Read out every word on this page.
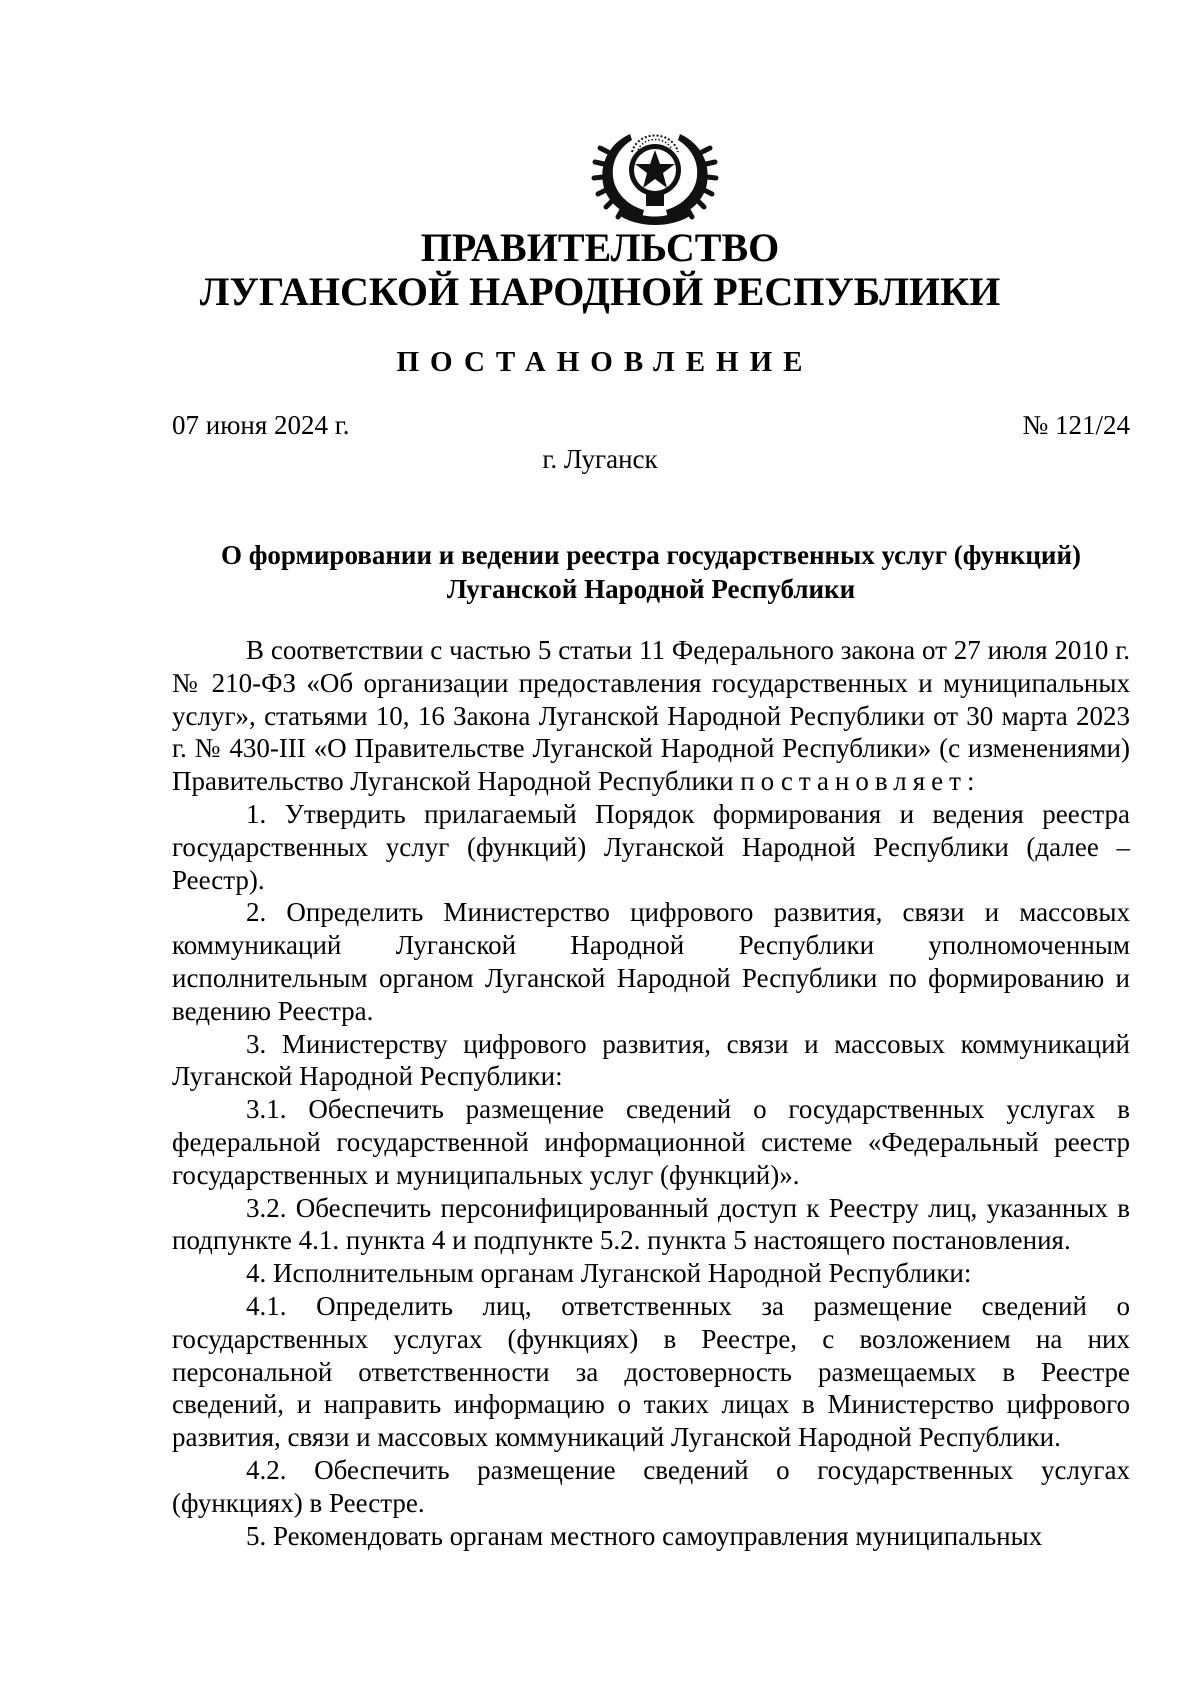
ПРАВИТЕЛЬСТВО
ЛУГАНСКОЙ НАРОДНОЙ РЕСПУБЛИКИ
ПОСТАНОВЛЕНИЕ
07 июня 2024 г.	№ 121/24
г. Луганск
О формировании и ведении реестра государственных услуг (функций)
Луганской Народной Республики

В соответствии с частью 5 статьи 11 Федерального закона от 27 июля 2010 г. № 210-ФЗ «Об организации предоставления государственных и муниципальных услуг», статьями 10, 16 Закона Луганской Народной Республики от 30 марта 2023 г. № 430-III «О Правительстве Луганской Народной Республики» (с изменениями) Правительство Луганской Народной Республики постановляет:

1. Утвердить прилагаемый Порядок формирования и ведения реестра государственных услуг (функций) Луганской Народной Республики (далее – Реестр).

2. Определить Министерство цифрового развития, связи и массовых коммуникаций Луганской Народной Республики уполномоченным исполнительным органом Луганской Народной Республики по формированию и ведению Реестра.

3. Министерству цифрового развития, связи и массовых коммуникаций Луганской Народной Республики:

3.1. Обеспечить размещение сведений о государственных услугах в федеральной государственной информационной системе «Федеральный реестр государственных и муниципальных услуг (функций)».

3.2. Обеспечить персонифицированный доступ к Реестру лиц, указанных в подпункте 4.1. пункта 4 и подпункте 5.2. пункта 5 настоящего постановления.

4. Исполнительным органам Луганской Народной Республики:

4.1. Определить лиц, ответственных за размещение сведений о государственных услугах (функциях) в Реестре, с возложением на них персональной ответственности за достоверность размещаемых в Реестре сведений, и направить информацию о таких лицах в Министерство цифрового развития, связи и массовых коммуникаций Луганской Народной Республики.

4.2. Обеспечить размещение сведений о государственных услугах (функциях) в Реестре.

5. Рекомендовать органам местного самоуправления муниципальных
